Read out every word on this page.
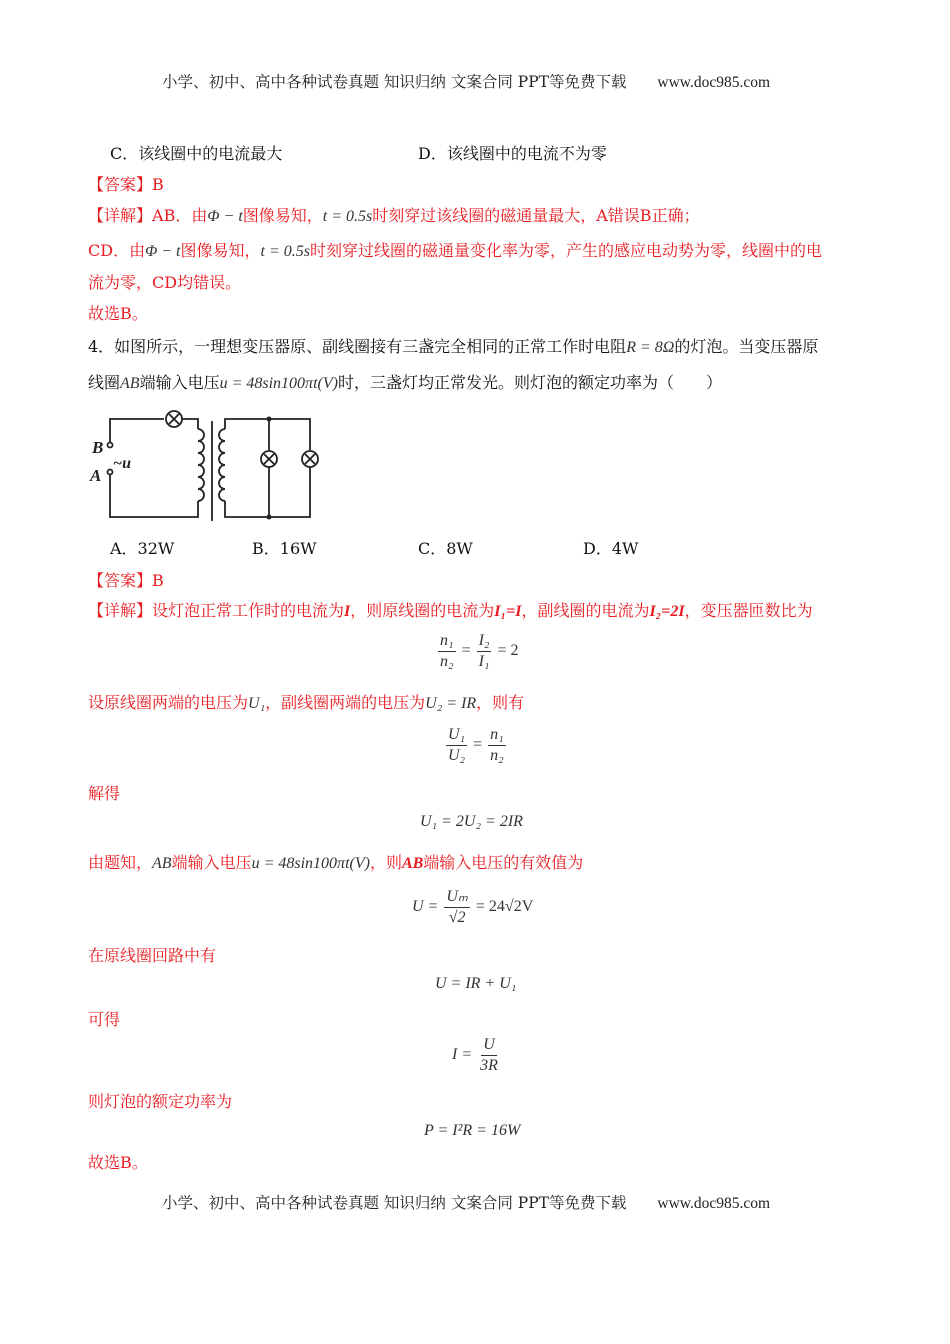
小学、初中、高中各种试卷真题 知识归纳 文案合同 PPT等免费下载 www.doc985.com
C．该线圈中的电流最大	D．该线圈中的电流不为零
【答案】B
【详解】AB．由Φ − t图像易知，t = 0.5s时刻穿过该线圈的磁通量最大，A错误B正确；
CD．由Φ − t图像易知，t = 0.5s时刻穿过线圈的磁通量变化率为零，产生的感应电动势为零，线圈中的电
流为零，CD均错误。
故选B。
4．如图所示，一理想变压器原、副线圈接有三盏完全相同的正常工作时电阻R = 8Ω的灯泡。当变压器原
线圈AB端输入电压u = 48sin100πt(V)时，三盏灯均正常发光。则灯泡的额定功率为（　　）
B
A
~u
A．32W	B．16W	C．8W	D．4W
【答案】B
【详解】设灯泡正常工作时的电流为I，则原线圈的电流为I₁=I，副线圈的电流为I₂=2I，变压器匝数比为
$\frac{\text{n₁}}{\text{n₂}} = \frac{\text{I₂}}{\text{I₁}} = 2$
设原线圈两端的电压为U₁，副线圈两端的电压为U₂ = IR，则有
$\frac{\text{U₁}}{\text{U₂}} = \frac{\text{n₁}}{\text{n₂}}$
解得
U₁ = 2U₂ = 2IR
由题知，AB端输入电压u = 48sin100πt(V)，则AB端输入电压的有效值为
$U = \frac{\text{Uₘ}}{√2} = 24√2V$
在原线圈回路中有
U = IR + U₁
可得
$I = \frac{U}{3R}$
则灯泡的额定功率为
P = I²R = 16W
故选B。
小学、初中、高中各种试卷真题 知识归纳 文案合同 PPT等免费下载 www.doc985.com
